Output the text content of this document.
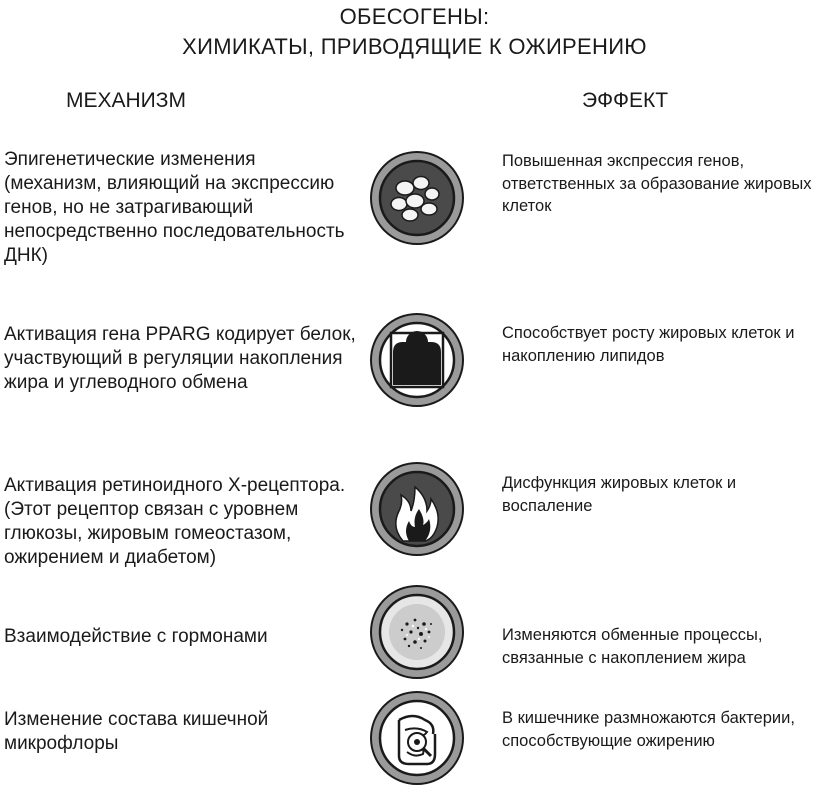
ОБЕСОГЕНЫ:
ХИМИКАТЫ, ПРИВОДЯЩИЕ К ОЖИРЕНИЮ
МЕХАНИЗМ	ЭФФЕКТ
Эпигенетические изменения (механизм, влияющий на экспрессию генов, но не затрагивающий непосредственно последовательность ДНК)
Повышенная экспрессия генов, ответственных за образование жировых клеток
Активация гена PPARG кодирует белок, участвующий в регуляции накопления жира и углеводного обмена
Способствует росту жировых клеток и накоплению липидов
Активация ретиноидного X-рецептора. (Этот рецептор связан с уровнем глюкозы, жировым гомеостазом, ожирением и диабетом)
Дисфункция жировых клеток и воспаление
Взаимодействие с гормонами	Изменяются обменные процессы, связанные с накоплением жира
Изменение состава кишечной микрофлоры
В кишечнике размножаются бактерии, способствующие ожирению
